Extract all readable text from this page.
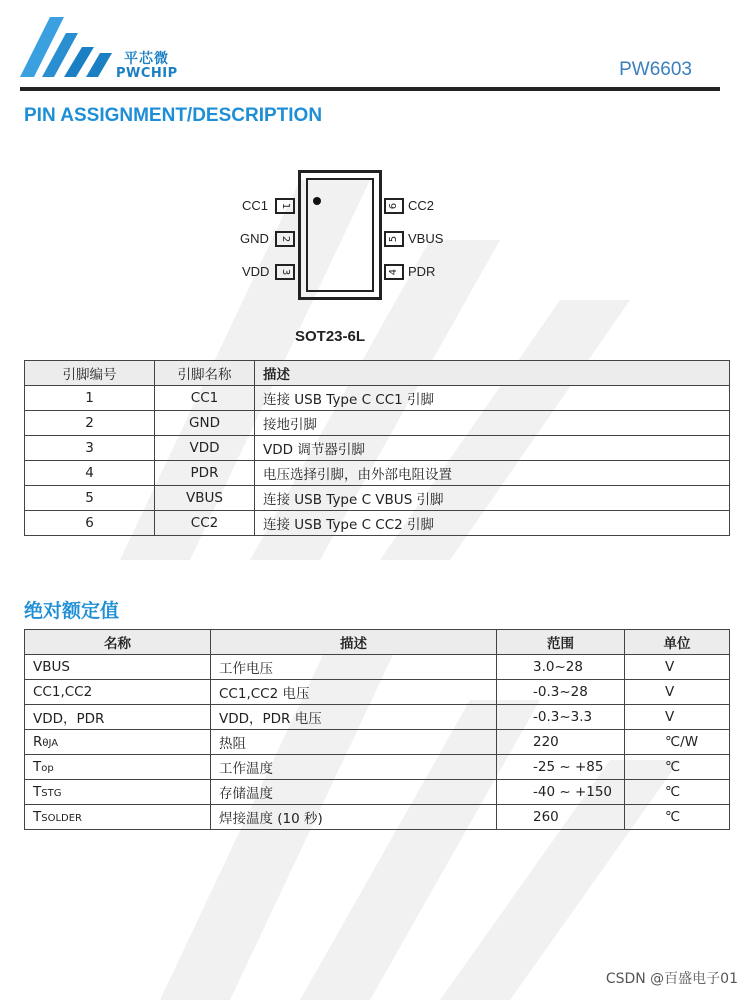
平芯微
PWCHIP	PW6603
PIN ASSIGNMENT/DESCRIPTION
CC1 1
GND 2
VDD 3
6 CC2
5 VBUS
4 PDR
SOT23-6L
引脚编号	引脚名称	描述
1	CC1	连接 USB Type C CC1 引脚
2	GND	接地引脚
3	VDD	VDD 调节器引脚
4	PDR	电压选择引脚，由外部电阻设置
5	VBUS	连接 USB Type C VBUS 引脚
6	CC2	连接 USB Type C CC2 引脚
绝对额定值
名称	描述	范围	单位
VBUS	工作电压	3.0~28	V
CC1,CC2	CC1,CC2 电压	-0.3~28	V
VDD，PDR	VDD，PDR 电压	-0.3~3.3	V
RθJA	热阻	220	℃/W
Top	工作温度	-25 ~ +85	℃
TSTG	存储温度	-40 ~ +150	℃
TSOLDER	焊接温度 (10 秒)	260	℃
CSDN @百盛电子01
